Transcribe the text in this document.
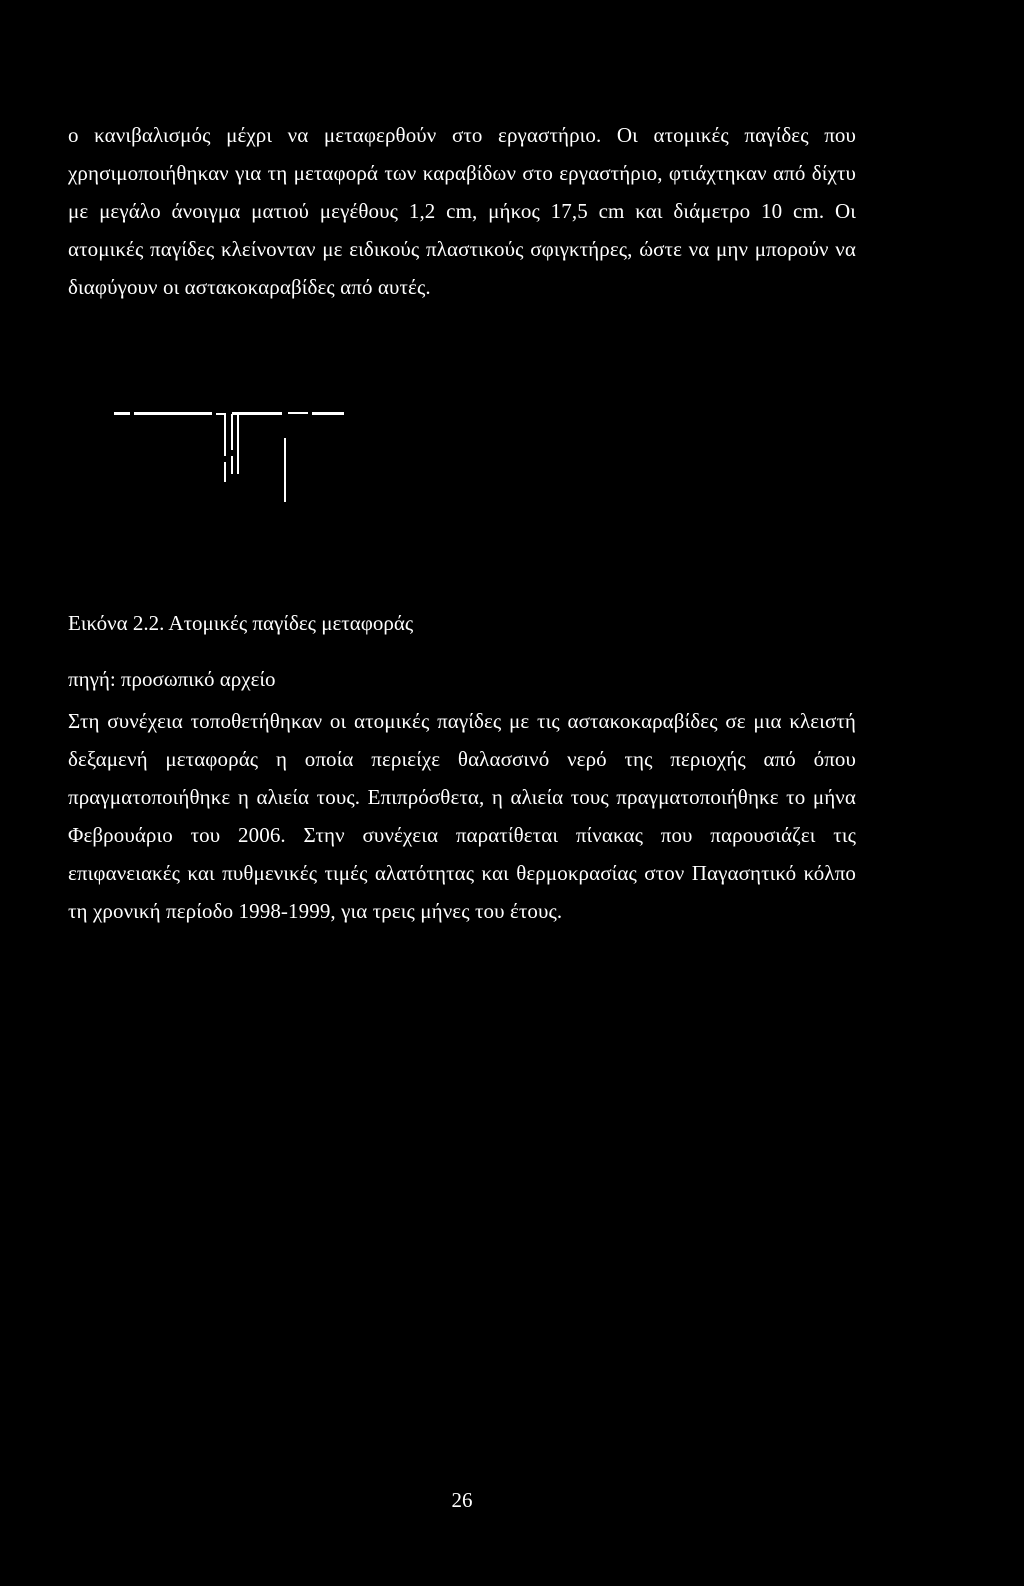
ο κανιβαλισμός μέχρι να μεταφερθούν στο εργαστήριο. Οι ατομικές παγίδες που χρησιμοποιήθηκαν για τη μεταφορά των καραβίδων στο εργαστήριο, φτιάχτηκαν από δίχτυ με μεγάλο άνοιγμα ματιού μεγέθους 1,2 cm, μήκος 17,5 cm και διάμετρο 10 cm. Οι ατομικές παγίδες κλείνονταν με ειδικούς πλαστικούς σφιγκτήρες, ώστε να μην μπορούν να διαφύγουν οι αστακοκαραβίδες από αυτές.

Εικόνα 2.2. Ατομικές παγίδες μεταφοράς
πηγή: προσωπικό αρχείο

Στη συνέχεια τοποθετήθηκαν οι ατομικές παγίδες με τις αστακοκαραβίδες σε μια κλειστή δεξαμενή μεταφοράς η οποία περιείχε θαλασσινό νερό της περιοχής από όπου πραγματοποιήθηκε η αλιεία τους. Επιπρόσθετα, η αλιεία τους πραγματοποιήθηκε το μήνα Φεβρουάριο του 2006. Στην συνέχεια παρατίθεται πίνακας που παρουσιάζει τις επιφανειακές και πυθμενικές τιμές αλατότητας και θερμοκρασίας στον Παγασητικό κόλπο τη χρονική περίοδο 1998-1999, για τρεις μήνες του έτους.

26
